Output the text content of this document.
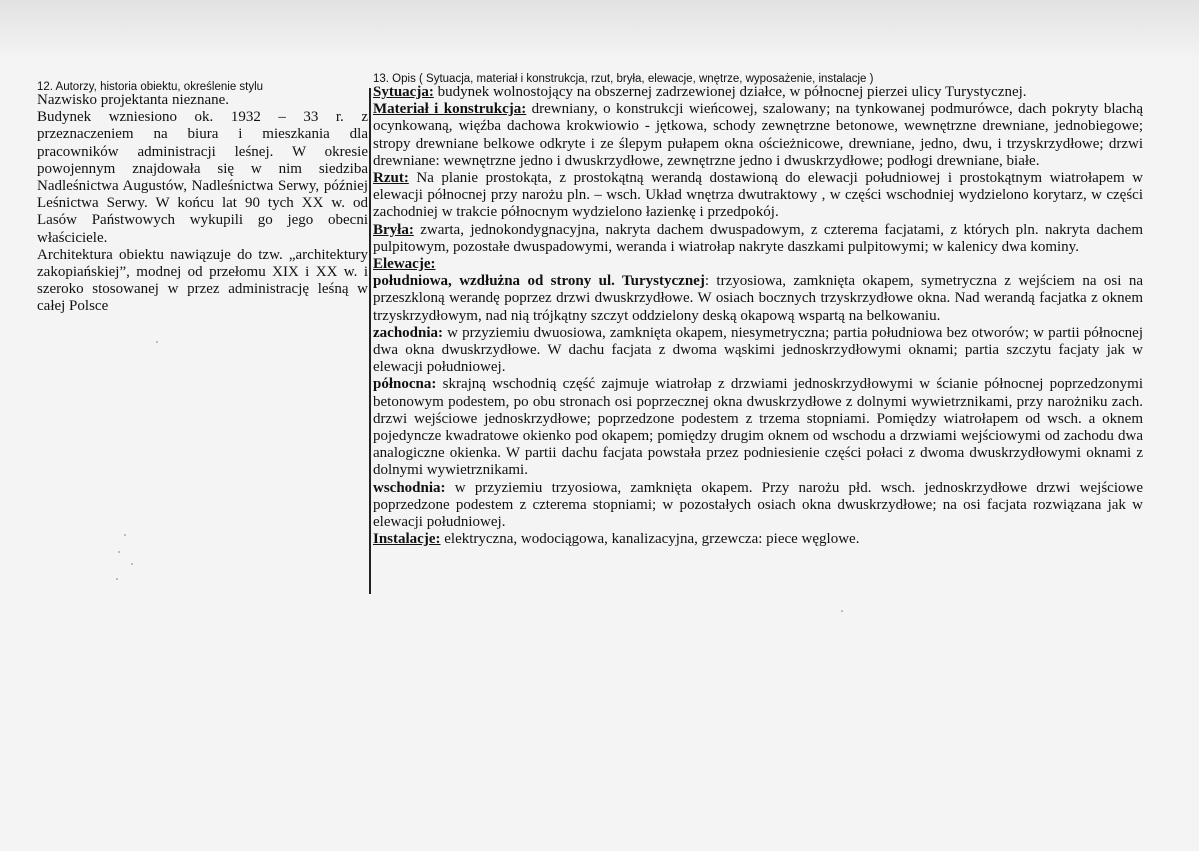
12. Autorzy, historia obiektu, określenie stylu
13. Opis ( Sytuacja, materiał i konstrukcja, rzut, bryła, elewacje, wnętrze, wyposażenie, instalacje )

Nazwisko projektanta nieznane.

Budynek wzniesiono ok. 1932 – 33 r. z przeznaczeniem na biura i mieszkania dla pracowników administracji leśnej. W okresie powojennym znajdowała się w nim siedziba Nadleśnictwa Augustów, Nadleśnictwa Serwy, później Leśnictwa Serwy. W końcu lat 90 tych XX w. od Lasów Państwowych wykupili go jego obecni właściciele.

Architektura obiektu nawiązuje do tzw. „architektury zakopiańskiej”, modnej od przełomu XIX i XX w. i szeroko stosowanej w przez administrację leśną w całej Polsce

Sytuacja: budynek wolnostojący na obszernej zadrzewionej działce, w północnej pierzei ulicy Turystycznej.

Materiał i konstrukcja: drewniany, o konstrukcji wieńcowej, szalowany; na tynkowanej podmurówce, dach pokryty blachą ocynkowaną, więźba dachowa krokwiowio - jętkowa, schody zewnętrzne betonowe, wewnętrzne drewniane, jednobiegowe; stropy drewniane belkowe odkryte i ze ślepym pułapem okna ościeżnicowe, drewniane, jedno, dwu, i trzyskrzydłowe; drzwi drewniane: wewnętrzne jedno i dwuskrzydłowe, zewnętrzne jedno i dwuskrzydłowe; podłogi drewniane, białe.

Rzut: Na planie prostokąta, z prostokątną werandą dostawioną do elewacji południowej i prostokątnym wiatrołapem w elewacji północnej przy narożu pln. – wsch. Układ wnętrza dwutraktowy , w części wschodniej wydzielono korytarz, w części zachodniej w trakcie północnym wydzielono łazienkę i przedpokój.

Bryła: zwarta, jednokondygnacyjna, nakryta dachem dwuspadowym, z czterema facjatami, z których pln. nakryta dachem pulpitowym, pozostałe dwuspadowymi, weranda i wiatrołap nakryte daszkami pulpitowymi; w kalenicy dwa kominy.

Elewacje:

południowa, wzdłużna od strony ul. Turystycznej: trzyosiowa, zamknięta okapem, symetryczna z wejściem na osi na przeszkloną werandę poprzez drzwi dwuskrzydłowe. W osiach bocznych trzyskrzydłowe okna. Nad werandą facjatka z oknem trzyskrzydłowym, nad nią trójkątny szczyt oddzielony deską okapową wspartą na belkowaniu.

zachodnia: w przyziemiu dwuosiowa, zamknięta okapem, niesymetryczna; partia południowa bez otworów; w partii północnej dwa okna dwuskrzydłowe. W dachu facjata z dwoma wąskimi jednoskrzydłowymi oknami; partia szczytu facjaty jak w elewacji południowej.

północna: skrajną wschodnią część zajmuje wiatrołap z drzwiami jednoskrzydłowymi w ścianie północnej poprzedzonymi betonowym podestem, po obu stronach osi poprzecznej okna dwuskrzydłowe z dolnymi wywietrznikami, przy narożniku zach. drzwi wejściowe jednoskrzydłowe; poprzedzone podestem z trzema stopniami. Pomiędzy wiatrołapem od wsch. a oknem pojedyncze kwadratowe okienko pod okapem; pomiędzy drugim oknem od wschodu a drzwiami wejściowymi od zachodu dwa analogiczne okienka. W partii dachu facjata powstała przez podniesienie części połaci z dwoma dwuskrzydłowymi oknami z dolnymi wywietrznikami.

wschodnia: w przyziemiu trzyosiowa, zamknięta okapem. Przy narożu płd. wsch. jednoskrzydłowe drzwi wejściowe poprzedzone podestem z czterema stopniami; w pozostałych osiach okna dwuskrzydłowe; na osi facjata rozwiązana jak w elewacji południowej.

Instalacje: elektryczna, wodociągowa, kanalizacyjna, grzewcza: piece węglowe.
